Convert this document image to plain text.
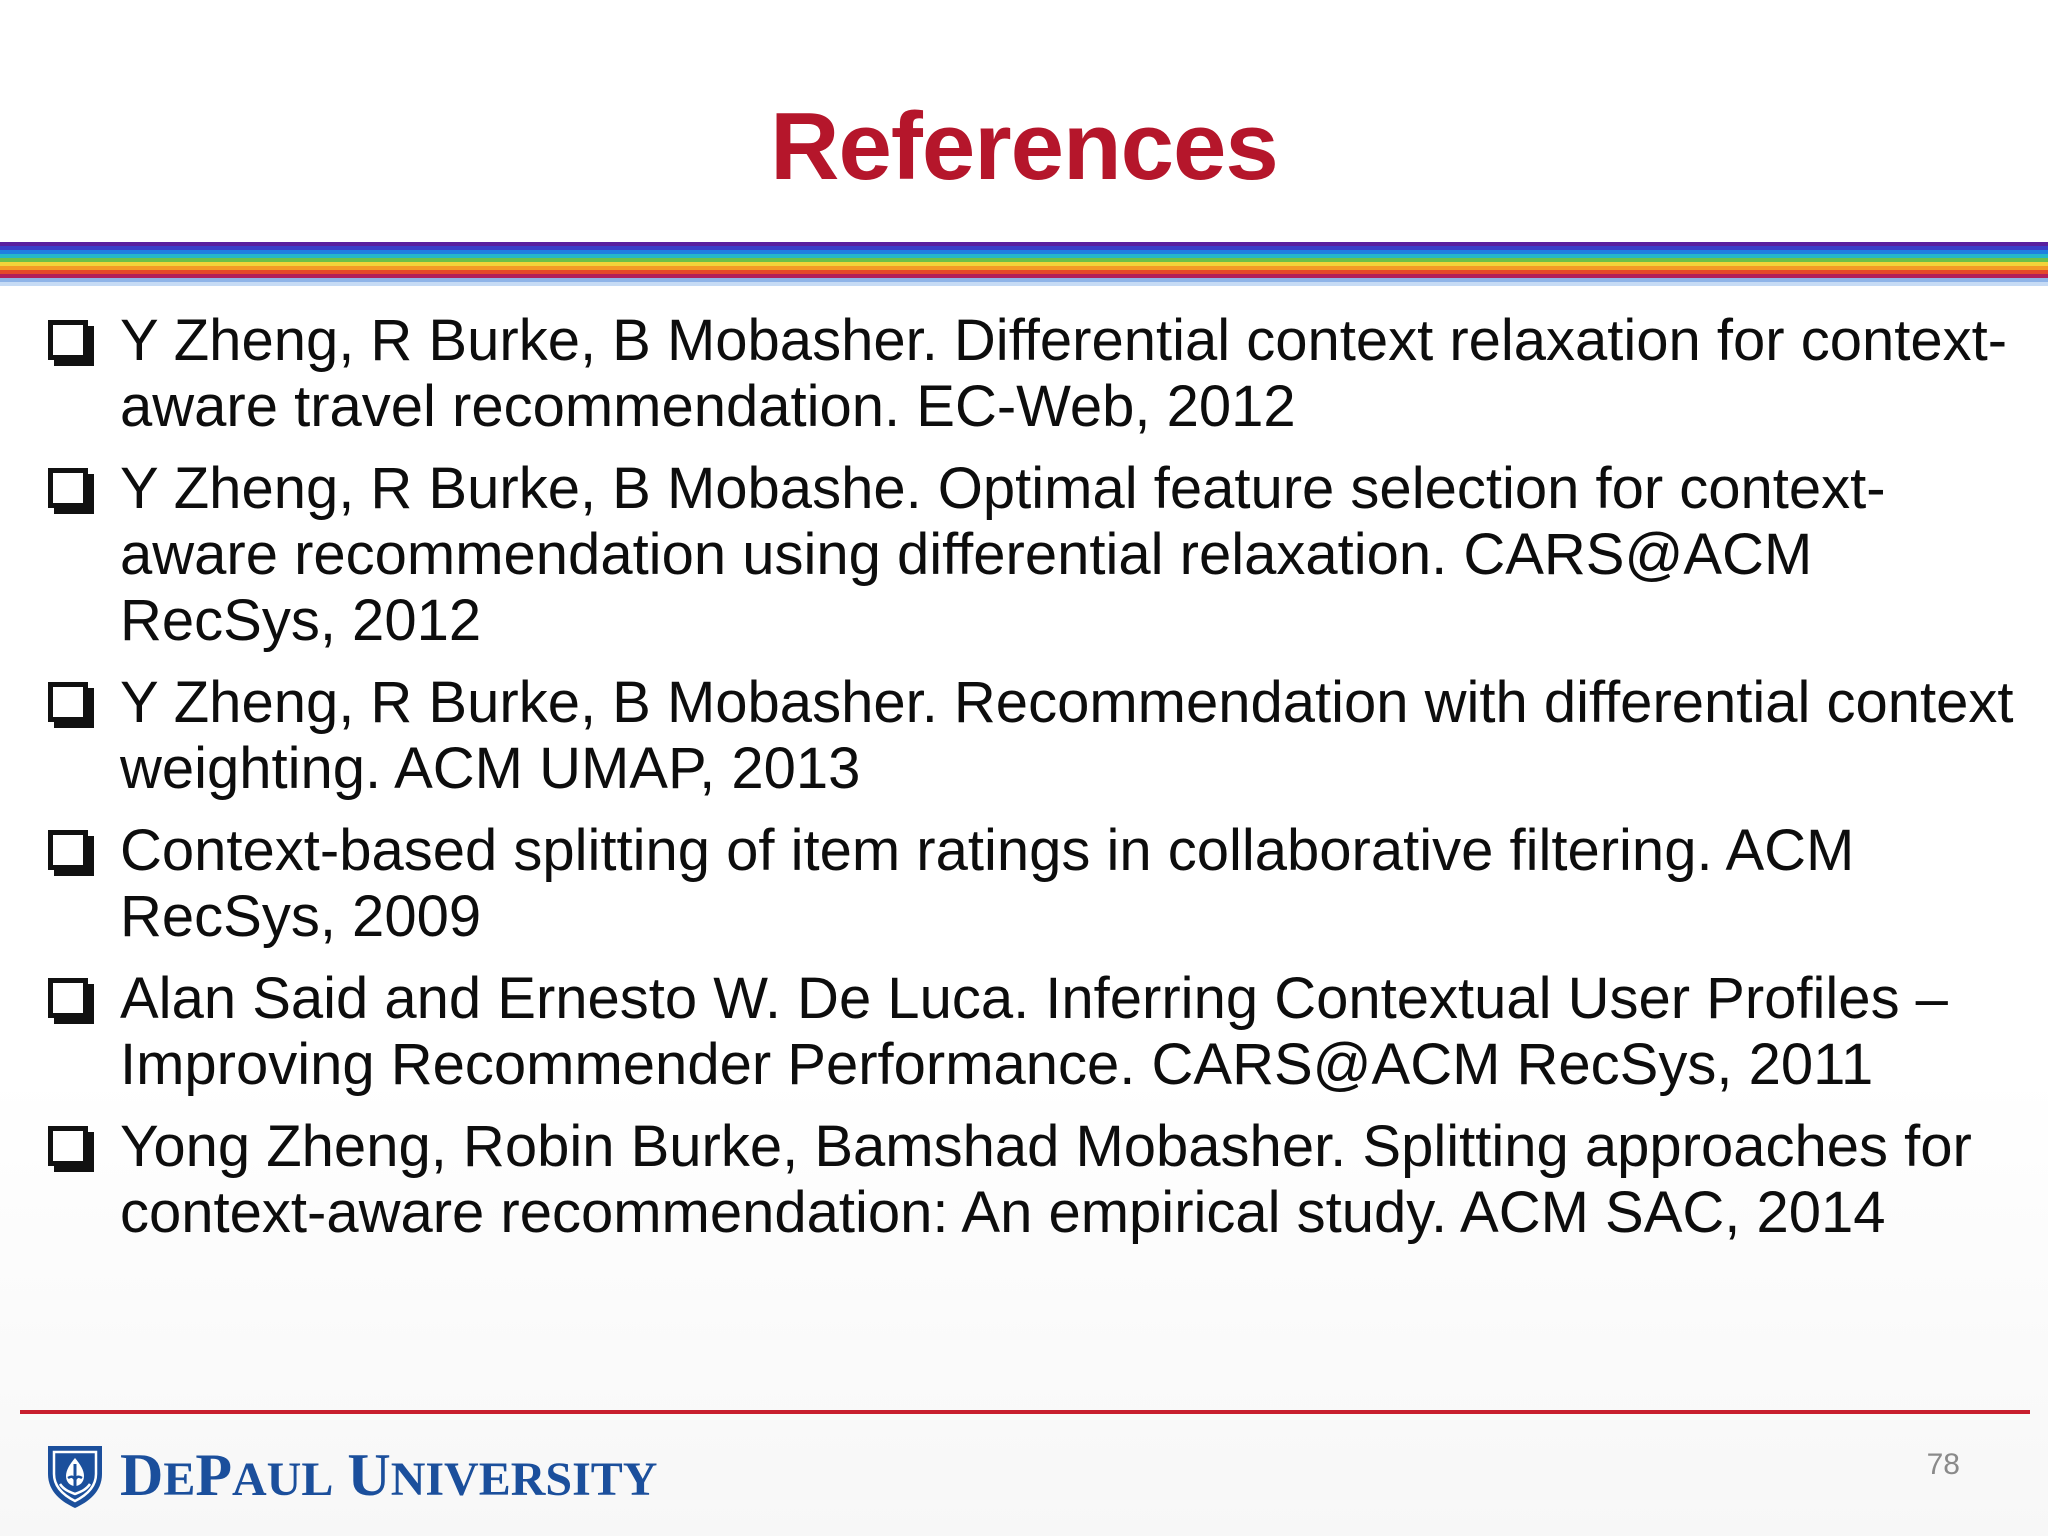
References
Y Zheng, R Burke, B Mobasher. Differential context relaxation for context-aware travel recommendation. EC-Web, 2012
Y Zheng, R Burke, B Mobashe. Optimal feature selection for context-aware recommendation using differential relaxation. CARS@ACM RecSys, 2012
Y Zheng, R Burke, B Mobasher. Recommendation with differential context weighting. ACM UMAP, 2013
Context-based splitting of item ratings in collaborative filtering. ACM RecSys, 2009
Alan Said and Ernesto W. De Luca. Inferring Contextual User Profiles – Improving Recommender Performance. CARS@ACM RecSys, 2011
Yong Zheng, Robin Burke, Bamshad Mobasher. Splitting approaches for context-aware recommendation: An empirical study. ACM SAC, 2014
D E P AUL U NIVERSITY	78
